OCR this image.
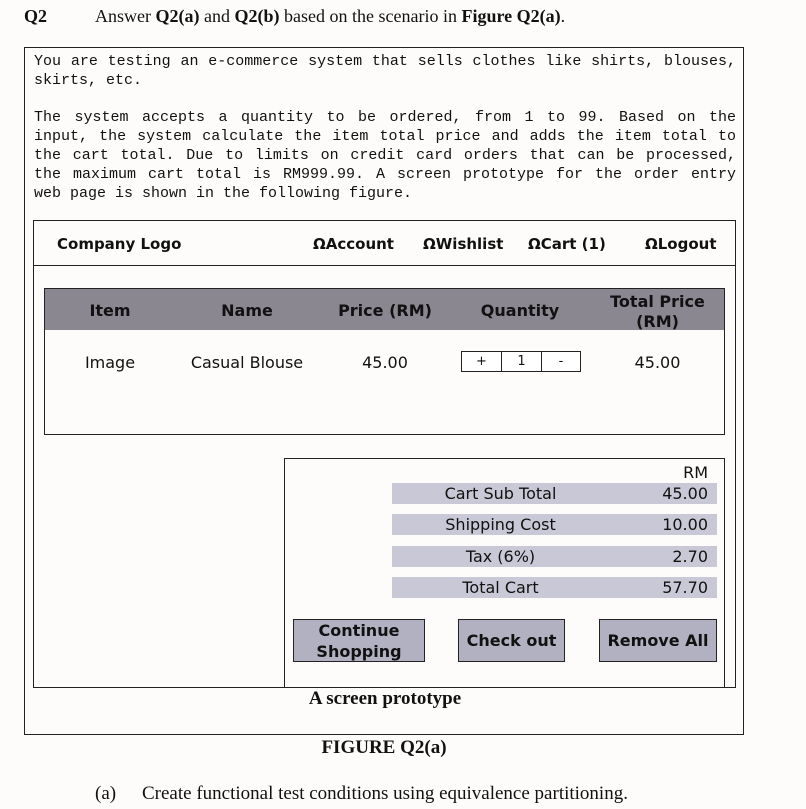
Q2	Answer Q2(a) and Q2(b) based on the scenario in Figure Q2(a).

You are testing an e-commerce system that sells clothes like shirts, blouses, skirts, etc.

The system accepts a quantity to be ordered, from 1 to 99. Based on the input, the system calculate the item total price and adds the item total to the cart total. Due to limits on credit card orders that can be processed, the maximum cart total is RM999.99. A screen prototype for the order entry web page is shown in the following figure.

Company Logo	ΩAccount ΩWishlist ΩCart (1)	ΩLogout
Item	Name	Price (RM)	Quantity	Total Price
(RM)
Image	Casual Blouse	45.00	+	1	-	45.00
RM
Cart Sub Total	45.00
Shipping Cost	10.00
Tax (6%)	2.70
Total Cart	57.70
Continue
Shopping
Check out	Remove All
A screen prototype
FIGURE Q2(a)
(a) Create functional test conditions using equivalence partitioning.
